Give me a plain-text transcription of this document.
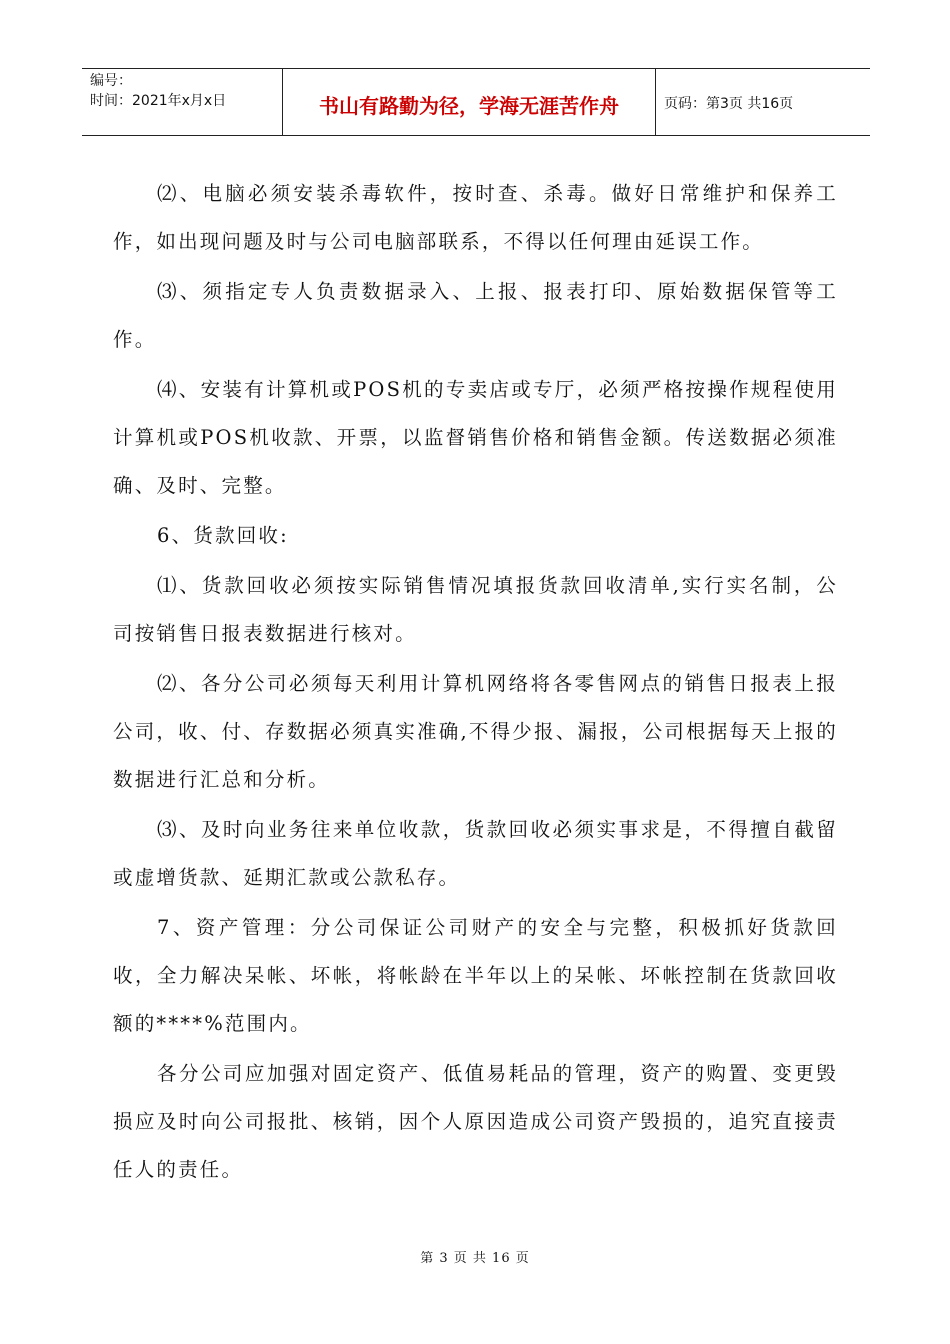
编号：
时间：2021年x月x日	书山有路勤为径，学海无涯苦作舟	页码：第3页 共16页

⑵、电脑必须安装杀毒软件，按时查、杀毒。做好日常维护和保养工作，如出现问题及时与公司电脑部联系，不得以任何理由延误工作。

⑶、须指定专人负责数据录入、上报、报表打印、原始数据保管等工作。

⑷、安装有计算机或POS机的专卖店或专厅，必须严格按操作规程使用计算机或POS机收款、开票，以监督销售价格和销售金额。传送数据必须准确、及时、完整。

6、货款回收:

⑴、货款回收必须按实际销售情况填报货款回收清单,实行实名制，公司按销售日报表数据进行核对。

⑵、各分公司必须每天利用计算机网络将各零售网点的销售日报表上报公司，收、付、存数据必须真实准确,不得少报、漏报，公司根据每天上报的数据进行汇总和分析。

⑶、及时向业务往来单位收款，货款回收必须实事求是，不得擅自截留或虚增货款、延期汇款或公款私存。

7、资产管理：分公司保证公司财产的安全与完整，积极抓好货款回收，全力解决呆帐、坏帐，将帐龄在半年以上的呆帐、坏帐控制在货款回收额的****%范围内。

各分公司应加强对固定资产、低值易耗品的管理，资产的购置、变更毁损应及时向公司报批、核销，因个人原因造成公司资产毁损的，追究直接责任人的责任。

第 3 页 共 16 页
